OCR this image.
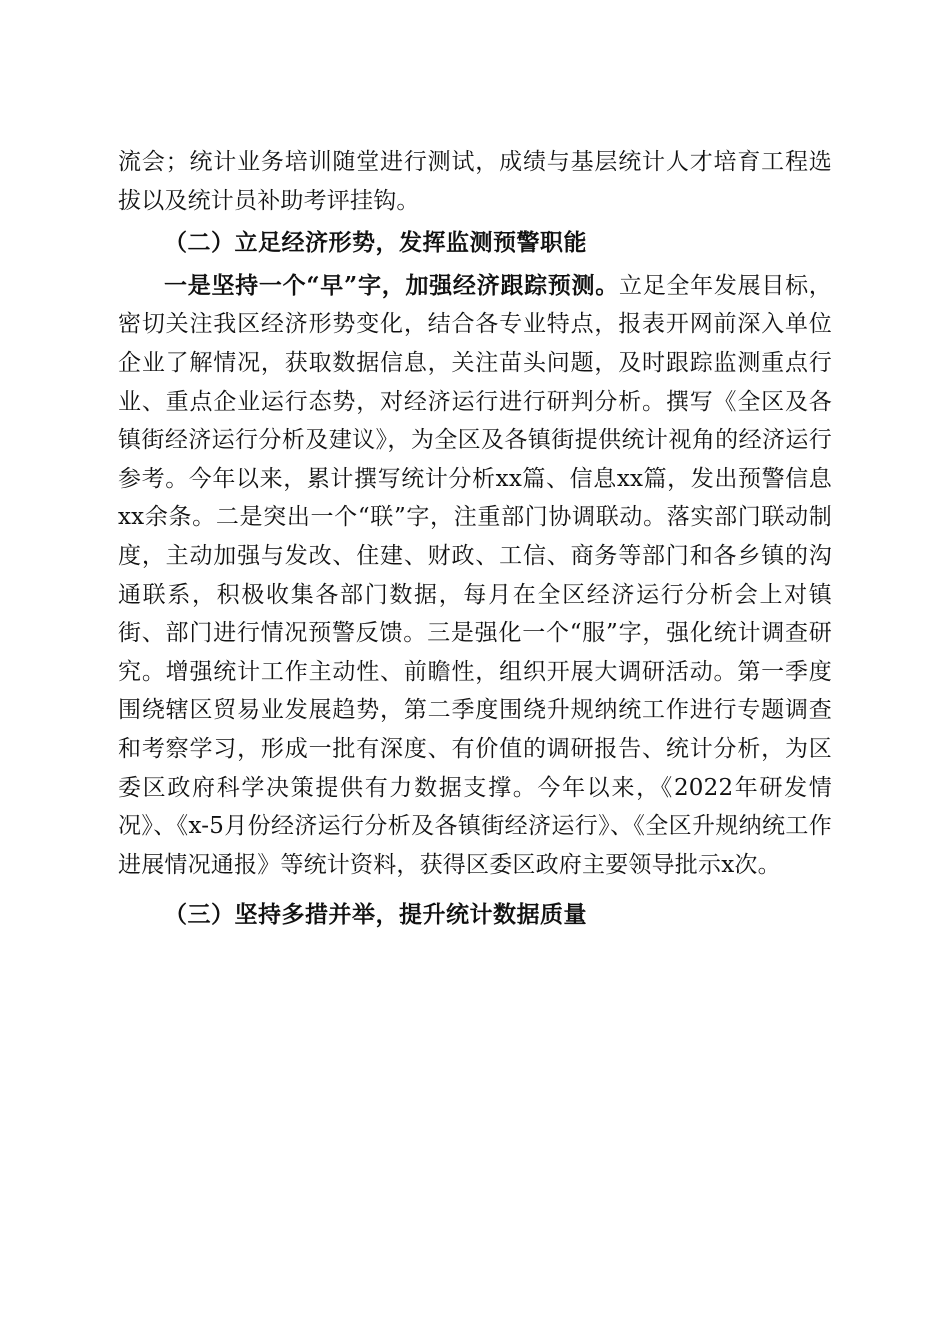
流会；统计业务培训随堂进行测试，成绩与基层统计人才培育工程选拔以及统计员补助考评挂钩。

（二）立足经济形势，发挥监测预警职能

一是坚持一个“早”字，加强经济跟踪预测。立足全年发展目标，密切关注我区经济形势变化，结合各专业特点，报表开网前深入单位企业了解情况，获取数据信息，关注苗头问题，及时跟踪监测重点行业、重点企业运行态势，对经济运行进行研判分析。撰写《全区及各镇街经济运行分析及建议》，为全区及各镇街提供统计视角的经济运行参考。今年以来，累计撰写统计分析xx篇、信息xx篇，发出预警信息xx余条。二是突出一个“联”字，注重部门协调联动。落实部门联动制度，主动加强与发改、住建、财政、工信、商务等部门和各乡镇的沟通联系，积极收集各部门数据，每月在全区经济运行分析会上对镇街、部门进行情况预警反馈。三是强化一个“服”字，强化统计调查研究。增强统计工作主动性、前瞻性，组织开展大调研活动。第一季度围绕辖区贸易业发展趋势，第二季度围绕升规纳统工作进行专题调查和考察学习，形成一批有深度、有价值的调研报告、统计分析，为区委区政府科学决策提供有力数据支撑。今年以来，《2022年研发情况》、《x-5月份经济运行分析及各镇街经济运行》、《全区升规纳统工作进展情况通报》等统计资料，获得区委区政府主要领导批示x次。

（三）坚持多措并举，提升统计数据质量
